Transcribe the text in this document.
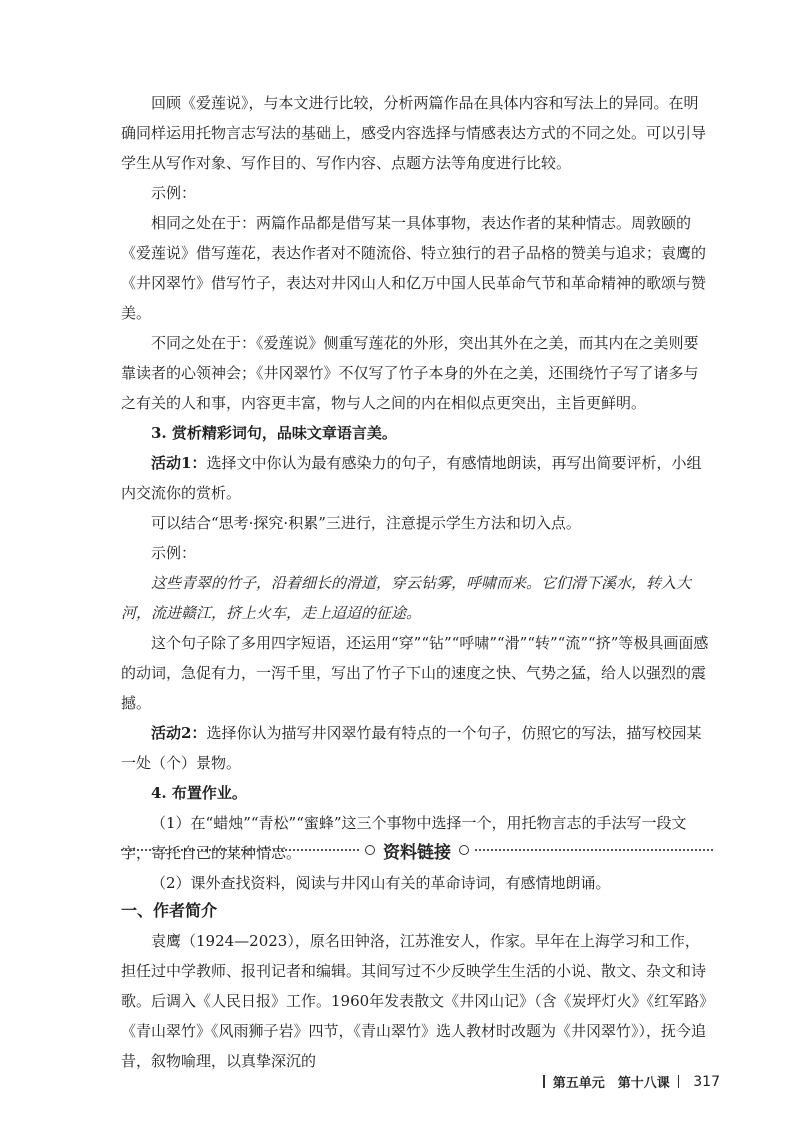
回顾《爱莲说》，与本文进行比较，分析两篇作品在具体内容和写法上的异同。在明确同样运用托物言志写法的基础上，感受内容选择与情感表达方式的不同之处。可以引导学生从写作对象、写作目的、写作内容、点题方法等角度进行比较。

示例：

相同之处在于：两篇作品都是借写某一具体事物，表达作者的某种情志。周敦颐的《爱莲说》借写莲花，表达作者对不随流俗、特立独行的君子品格的赞美与追求；袁鹰的《井冈翠竹》借写竹子，表达对井冈山人和亿万中国人民革命气节和革命精神的歌颂与赞美。

不同之处在于：《爱莲说》侧重写莲花的外形，突出其外在之美，而其内在之美则要靠读者的心领神会；《井冈翠竹》不仅写了竹子本身的外在之美，还围绕竹子写了诸多与之有关的人和事，内容更丰富，物与人之间的内在相似点更突出，主旨更鲜明。

3. 赏析精彩词句，品味文章语言美。

活动1：选择文中你认为最有感染力的句子，有感情地朗读，再写出简要评析，小组内交流你的赏析。

可以结合“思考·探究·积累”三进行，注意提示学生方法和切入点。

示例：

这些青翠的竹子，沿着细长的滑道，穿云钻雾，呼啸而来。它们滑下溪水，转入大河，流进赣江，挤上火车，走上迢迢的征途。

这个句子除了多用四字短语，还运用“穿”“钻”“呼啸”“滑”“转”“流”“挤”等极具画面感的动词，急促有力，一泻千里，写出了竹子下山的速度之快、气势之猛，给人以强烈的震撼。

活动2：选择你认为描写井冈翠竹最有特点的一个句子，仿照它的写法，描写校园某一处（个）景物。

4. 布置作业。

（1）在“蜡烛”“青松”“蜜蜂”这三个事物中选择一个，用托物言志的手法写一段文字，寄托自己的某种情志。

（2）课外查找资料，阅读与井冈山有关的革命诗词，有感情地朗诵。

资料链接

一、作者简介

袁鹰（1924—2023），原名田钟洛，江苏淮安人，作家。早年在上海学习和工作，担任过中学教师、报刊记者和编辑。其间写过不少反映学生生活的小说、散文、杂文和诗歌。后调入《人民日报》工作。1960年发表散文《井冈山记》（含《炭坪灯火》《红军路》《青山翠竹》《风雨狮子岩》四节，《青山翠竹》选人教材时改题为《井冈翠竹》），抚今追昔，叙物喻理，以真挚深沉的

第五单元　第十八课 317
